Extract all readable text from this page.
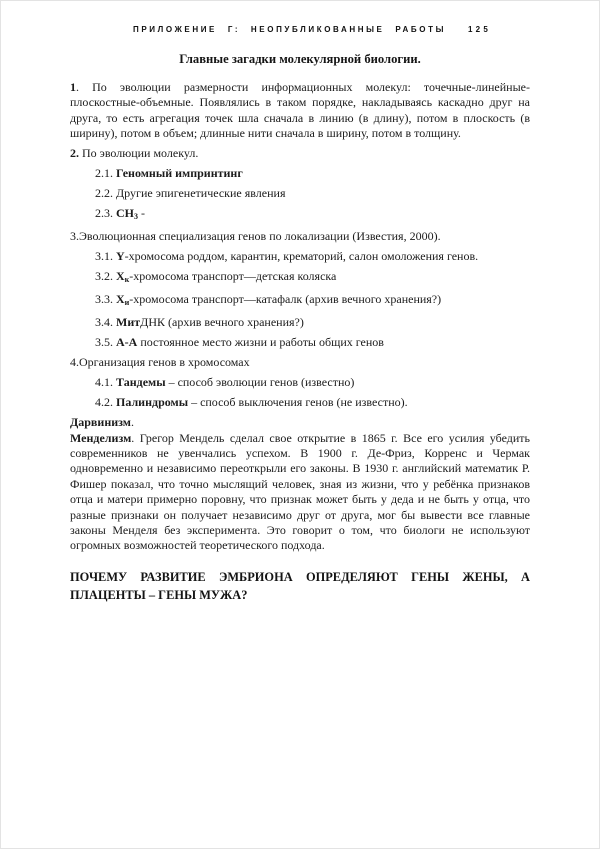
ПРИЛОЖЕНИЕ Г: НЕОПУБЛИКОВАННЫЕ РАБОТЫ	125
Главные загадки молекулярной биологии.

1. По эволюции размерности информационных молекул: точечные-линейные-плоскостные-объемные. Появлялись в таком порядке, накладываясь каскадно друг на друга, то есть агрегация точек шла сначала в линию (в длину), потом в плоскость (в ширину), потом в объем; длинные нити сначала в ширину, потом в толщину.

2. По эволюции молекул.

2.1. Геномный импринтинг

2.2. Другие эпигенетические явления

2.3. $CH_3$ -

3.Эволюционная специализация генов по локализации (Известия, 2000).

3.1. Y-хромосома роддом, карантин, крематорий, салон омоложения генов.

3.2. $X_к$-хромосома транспорт—детская коляска

3.3. $X_и$-хромосома транспорт—катафалк (архив вечного хранения?)

3.4. МитДНК (архив вечного хранения?)

3.5. А-А постоянное место жизни и работы общих генов

4.Организация генов в хромосомах

4.1. Тандемы – способ эволюции генов (известно)

4.2. Палиндромы – способ выключения генов (не известно).

Дарвинизм.

Менделизм. Грегор Мендель сделал свое открытие в 1865 г. Все его усилия убедить современников не увенчались успехом. В 1900 г. Де-Фриз, Корренс и Чермак одновременно и независимо переоткрыли его законы. В 1930 г. английский математик Р. Фишер показал, что точно мыслящий человек, зная из жизни, что у ребёнка признаков отца и матери примерно поровну, что признак может быть у деда и не быть у отца, что разные признаки он получает независимо друг от друга, мог бы вывести все главные законы Менделя без эксперимента. Это говорит о том, что биологи не используют огромных возможностей теоретического подхода.

ПОЧЕМУ РАЗВИТИЕ ЭМБРИОНА ОПРЕДЕЛЯЮТ ГЕНЫ ЖЕНЫ, А ПЛАЦЕНТЫ – ГЕНЫ МУЖА?
